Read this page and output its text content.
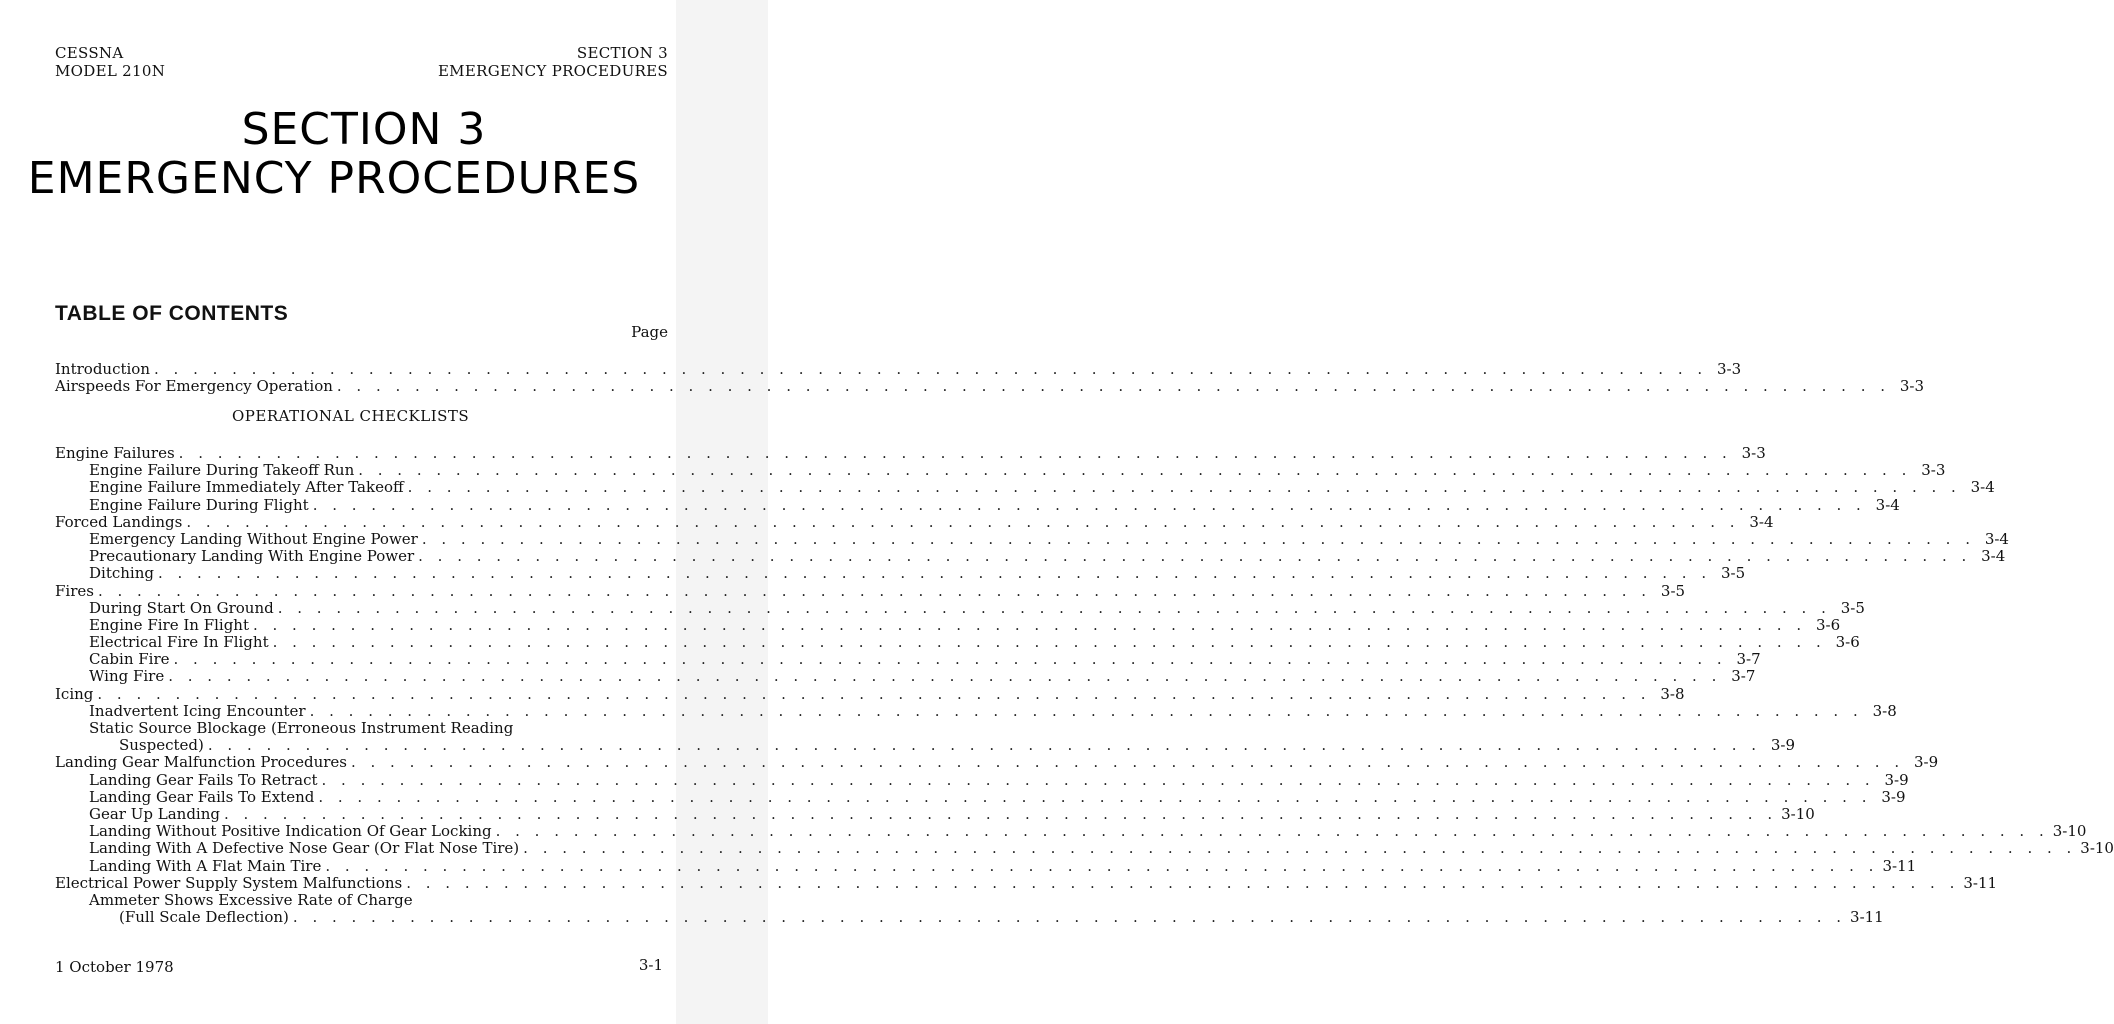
CESSNA
MODEL 210N
SECTION 3
EMERGENCY PROCEDURES
SECTION 3
EMERGENCY PROCEDURES
TABLE OF CONTENTS
Page
Introduction . . . . . . . . . . . . . . . . . . . . . . . . . . . . . . . . . . . . . . . . . . . . . . . . . . . . . . . . . . . . . . . . . . . . . . . . . . . . . . . . 3-3
Airspeeds For Emergency Operation . . . . . . . . . . . . . . . . . . . . . . . . . . . . . . . . . . . . . . . . . . . . . . . . . . . . . . . . . . . . . . . . . . . . . . . . . . . . . . . . 3-3
OPERATIONAL CHECKLISTS
Engine Failures . . . . . . . . . . . . . . . . . . . . . . . . . . . . . . . . . . . . . . . . . . . . . . . . . . . . . . . . . . . . . . . . . . . . . . . . . . . . . . . . 3-3
Engine Failure During Takeoff Run . . . . . . . . . . . . . . . . . . . . . . . . . . . . . . . . . . . . . . . . . . . . . . . . . . . . . . . . . . . . . . . . . . . . . . . . . . . . . . . . 3-3
Engine Failure Immediately After Takeoff . . . . . . . . . . . . . . . . . . . . . . . . . . . . . . . . . . . . . . . . . . . . . . . . . . . . . . . . . . . . . . . . . . . . . . . . . . . . . . . . 3-4
Engine Failure During Flight . . . . . . . . . . . . . . . . . . . . . . . . . . . . . . . . . . . . . . . . . . . . . . . . . . . . . . . . . . . . . . . . . . . . . . . . . . . . . . . . 3-4
Forced Landings . . . . . . . . . . . . . . . . . . . . . . . . . . . . . . . . . . . . . . . . . . . . . . . . . . . . . . . . . . . . . . . . . . . . . . . . . . . . . . . . 3-4
Emergency Landing Without Engine Power . . . . . . . . . . . . . . . . . . . . . . . . . . . . . . . . . . . . . . . . . . . . . . . . . . . . . . . . . . . . . . . . . . . . . . . . . . . . . . . . 3-4
Precautionary Landing With Engine Power . . . . . . . . . . . . . . . . . . . . . . . . . . . . . . . . . . . . . . . . . . . . . . . . . . . . . . . . . . . . . . . . . . . . . . . . . . . . . . . . 3-4
Ditching . . . . . . . . . . . . . . . . . . . . . . . . . . . . . . . . . . . . . . . . . . . . . . . . . . . . . . . . . . . . . . . . . . . . . . . . . . . . . . . . 3-5
Fires . . . . . . . . . . . . . . . . . . . . . . . . . . . . . . . . . . . . . . . . . . . . . . . . . . . . . . . . . . . . . . . . . . . . . . . . . . . . . . . . 3-5
During Start On Ground . . . . . . . . . . . . . . . . . . . . . . . . . . . . . . . . . . . . . . . . . . . . . . . . . . . . . . . . . . . . . . . . . . . . . . . . . . . . . . . . 3-5
Engine Fire In Flight . . . . . . . . . . . . . . . . . . . . . . . . . . . . . . . . . . . . . . . . . . . . . . . . . . . . . . . . . . . . . . . . . . . . . . . . . . . . . . . . 3-6
Electrical Fire In Flight . . . . . . . . . . . . . . . . . . . . . . . . . . . . . . . . . . . . . . . . . . . . . . . . . . . . . . . . . . . . . . . . . . . . . . . . . . . . . . . . 3-6
Cabin Fire . . . . . . . . . . . . . . . . . . . . . . . . . . . . . . . . . . . . . . . . . . . . . . . . . . . . . . . . . . . . . . . . . . . . . . . . . . . . . . . . 3-7
Wing Fire . . . . . . . . . . . . . . . . . . . . . . . . . . . . . . . . . . . . . . . . . . . . . . . . . . . . . . . . . . . . . . . . . . . . . . . . . . . . . . . . 3-7
Icing . . . . . . . . . . . . . . . . . . . . . . . . . . . . . . . . . . . . . . . . . . . . . . . . . . . . . . . . . . . . . . . . . . . . . . . . . . . . . . . . 3-8
Inadvertent Icing Encounter . . . . . . . . . . . . . . . . . . . . . . . . . . . . . . . . . . . . . . . . . . . . . . . . . . . . . . . . . . . . . . . . . . . . . . . . . . . . . . . . 3-8
Static Source Blockage (Erroneous Instrument Reading
Suspected) . . . . . . . . . . . . . . . . . . . . . . . . . . . . . . . . . . . . . . . . . . . . . . . . . . . . . . . . . . . . . . . . . . . . . . . . . . . . . . . . 3-9
Landing Gear Malfunction Procedures . . . . . . . . . . . . . . . . . . . . . . . . . . . . . . . . . . . . . . . . . . . . . . . . . . . . . . . . . . . . . . . . . . . . . . . . . . . . . . . . 3-9
Landing Gear Fails To Retract . . . . . . . . . . . . . . . . . . . . . . . . . . . . . . . . . . . . . . . . . . . . . . . . . . . . . . . . . . . . . . . . . . . . . . . . . . . . . . . . 3-9
Landing Gear Fails To Extend . . . . . . . . . . . . . . . . . . . . . . . . . . . . . . . . . . . . . . . . . . . . . . . . . . . . . . . . . . . . . . . . . . . . . . . . . . . . . . . . 3-9
Gear Up Landing . . . . . . . . . . . . . . . . . . . . . . . . . . . . . . . . . . . . . . . . . . . . . . . . . . . . . . . . . . . . . . . . . . . . . . . . . . . . . . . . 3-10
Landing Without Positive Indication Of Gear Locking . . . . . . . . . . . . . . . . . . . . . . . . . . . . . . . . . . . . . . . . . . . . . . . . . . . . . . . . . . . . . . . . . . . . . . . . . . . . . . . . 3-10
Landing With A Defective Nose Gear (Or Flat Nose Tire) . . . . . . . . . . . . . . . . . . . . . . . . . . . . . . . . . . . . . . . . . . . . . . . . . . . . . . . . . . . . . . . . . . . . . . . . . . . . . . . . 3-10
Landing With A Flat Main Tire . . . . . . . . . . . . . . . . . . . . . . . . . . . . . . . . . . . . . . . . . . . . . . . . . . . . . . . . . . . . . . . . . . . . . . . . . . . . . . . . 3-11
Electrical Power Supply System Malfunctions . . . . . . . . . . . . . . . . . . . . . . . . . . . . . . . . . . . . . . . . . . . . . . . . . . . . . . . . . . . . . . . . . . . . . . . . . . . . . . . . 3-11
Ammeter Shows Excessive Rate of Charge
(Full Scale Deflection) . . . . . . . . . . . . . . . . . . . . . . . . . . . . . . . . . . . . . . . . . . . . . . . . . . . . . . . . . . . . . . . . . . . . . . . . . . . . . . . . 3-11
1 October 1978	3-1
